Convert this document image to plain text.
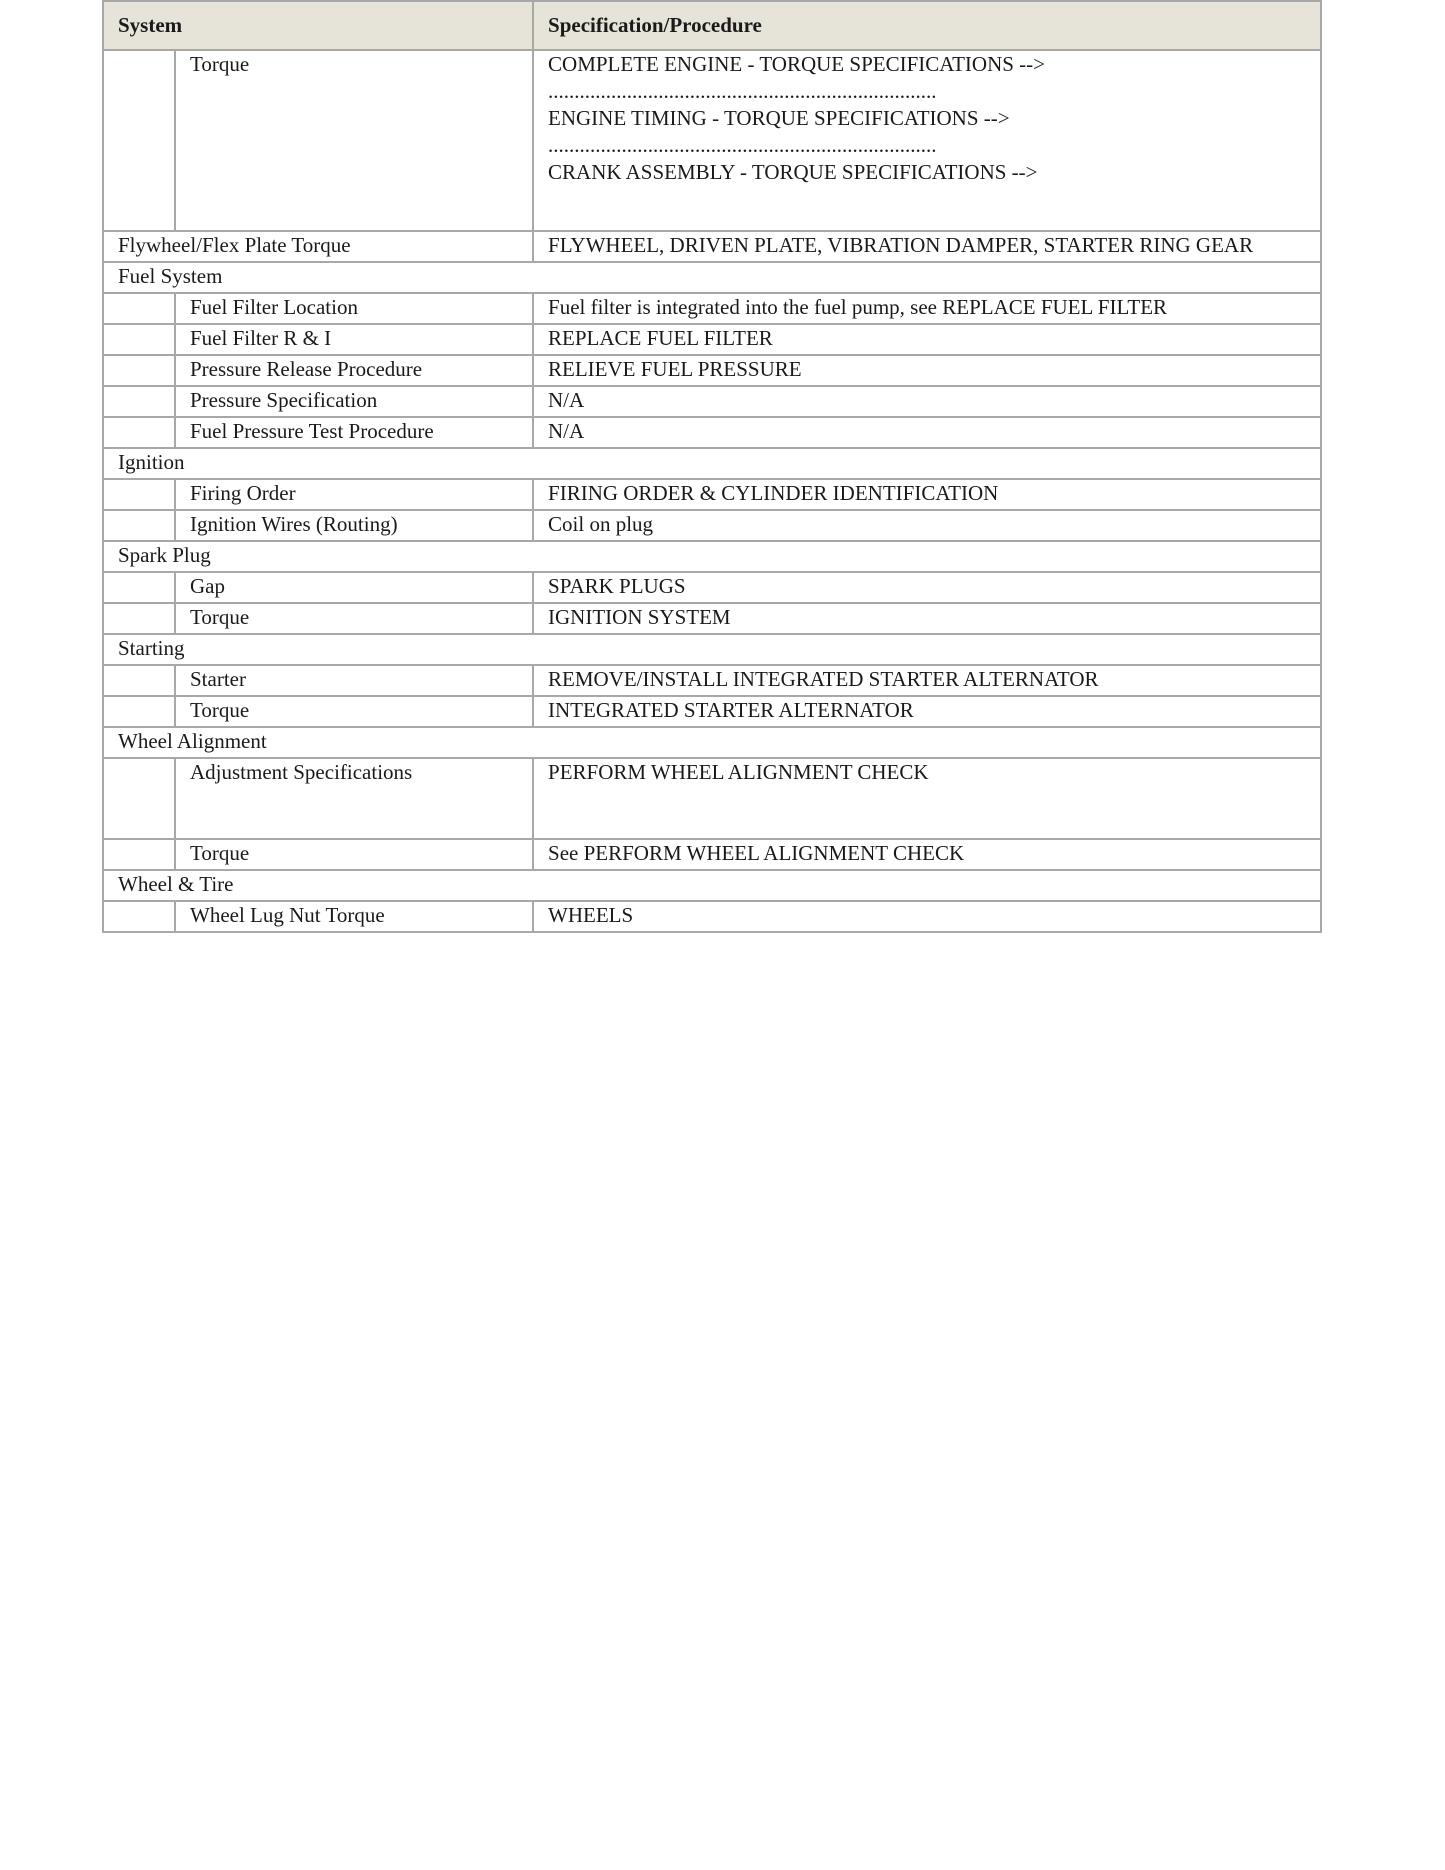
System		Specification/Procedure
	Torque	COMPLETE ENGINE - TORQUE SPECIFICATIONS -->
..........................................................................
ENGINE TIMING - TORQUE SPECIFICATIONS -->
..........................................................................
CRANK ASSEMBLY - TORQUE SPECIFICATIONS -->

Flywheel/Flex Plate Torque		FLYWHEEL, DRIVEN PLATE, VIBRATION DAMPER, STARTER RING GEAR
Fuel System		
	Fuel Filter Location	Fuel filter is integrated into the fuel pump, see REPLACE FUEL FILTER
	Fuel Filter R & I	REPLACE FUEL FILTER
	Pressure Release Procedure	RELIEVE FUEL PRESSURE
	Pressure Specification	N/A
	Fuel Pressure Test Procedure	N/A
Ignition		
	Firing Order	FIRING ORDER & CYLINDER IDENTIFICATION
	Ignition Wires (Routing)	Coil on plug
Spark Plug		
	Gap	SPARK PLUGS
	Torque	IGNITION SYSTEM
Starting		
	Starter	REMOVE/INSTALL INTEGRATED STARTER ALTERNATOR
	Torque	INTEGRATED STARTER ALTERNATOR
Wheel Alignment		
	Adjustment Specifications	PERFORM WHEEL ALIGNMENT CHECK
	Torque	See PERFORM WHEEL ALIGNMENT CHECK
Wheel & Tire		
	Wheel Lug Nut Torque	WHEELS
